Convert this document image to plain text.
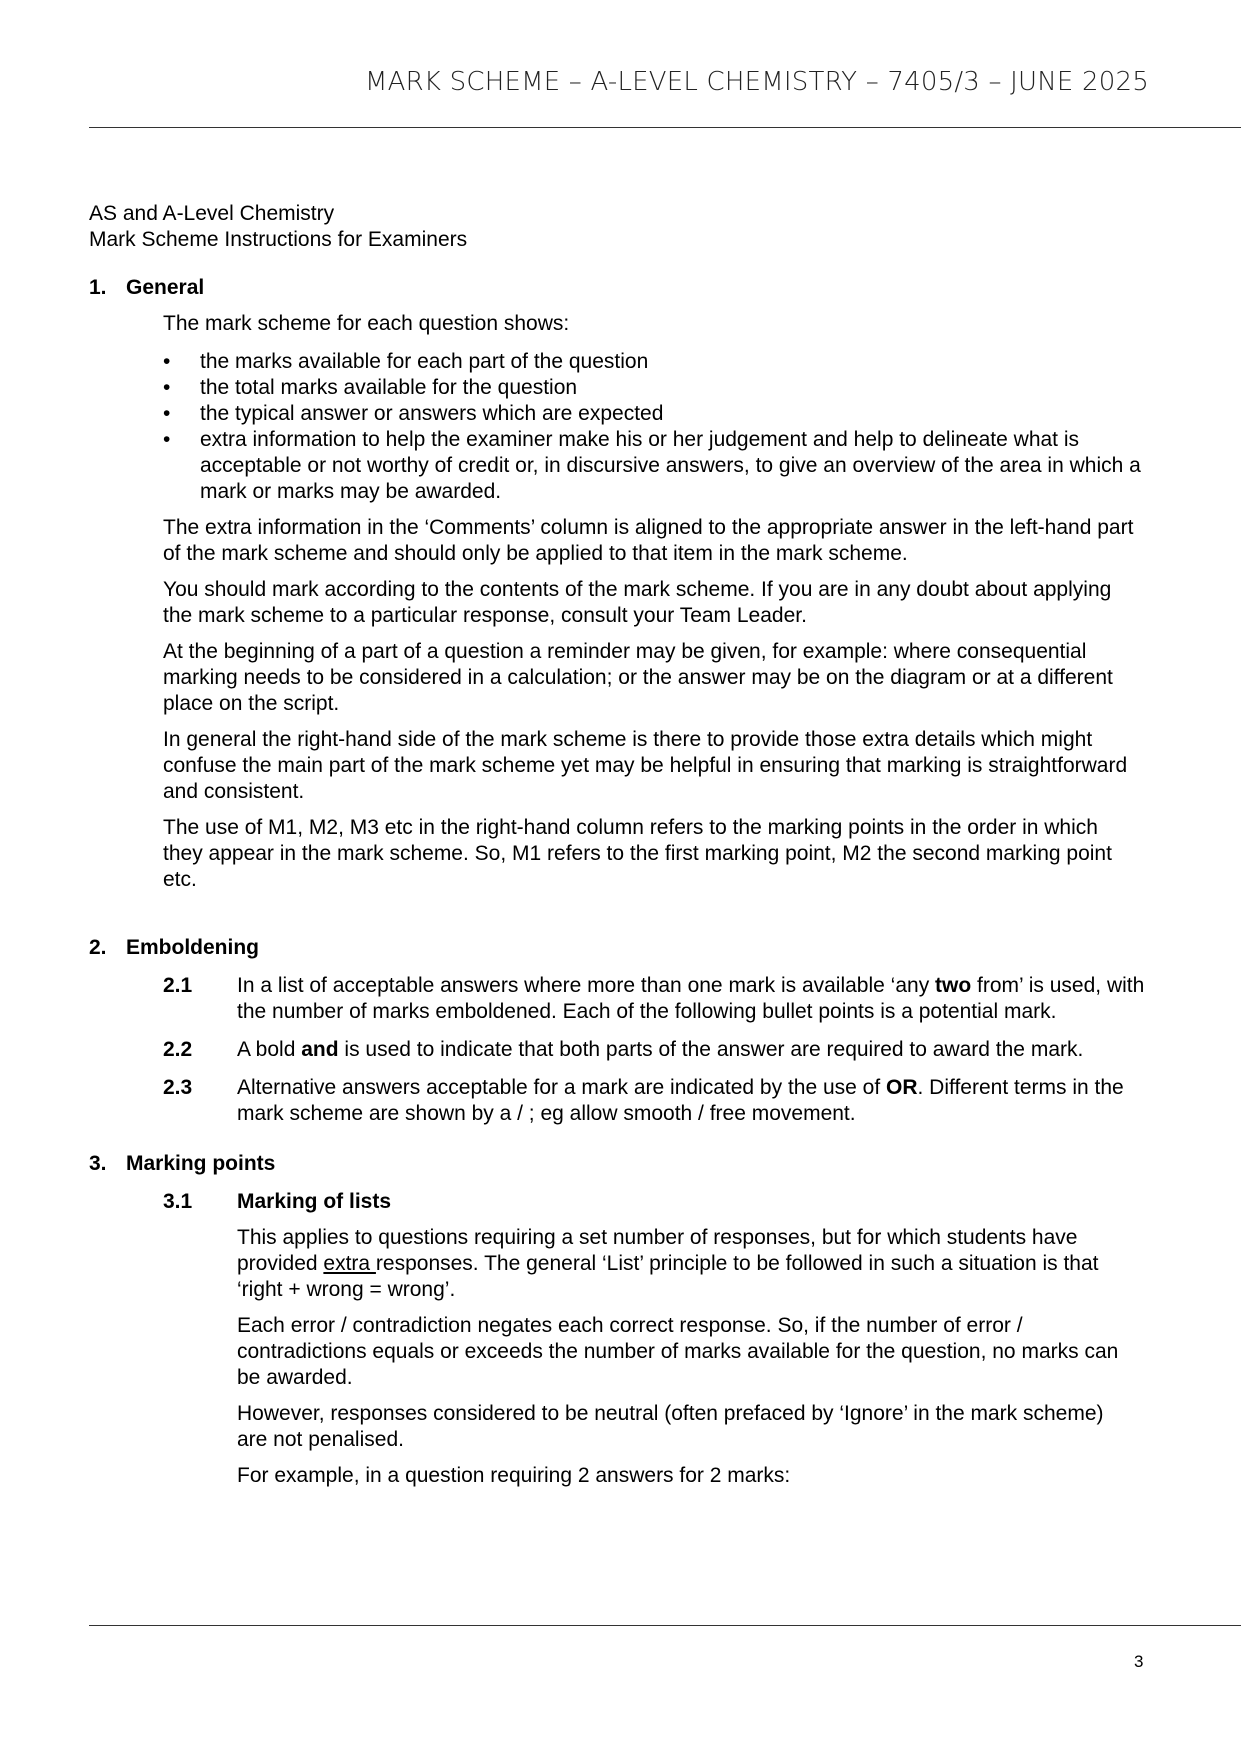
MARK SCHEME – A-LEVEL CHEMISTRY – 7405/3 – JUNE 2025
AS and A-Level Chemistry
Mark Scheme Instructions for Examiners
1. General

The mark scheme for each question shows:

• the marks available for each part of the question
• the total marks available for the question
• the typical answer or answers which are expected
• extra information to help the examiner make his or her judgement and help to delineate what is acceptable or not worthy of credit or, in discursive answers, to give an overview of the area in which a mark or marks may be awarded.

The extra information in the ‘Comments’ column is aligned to the appropriate answer in the left-hand part of the mark scheme and should only be applied to that item in the mark scheme.

You should mark according to the contents of the mark scheme. If you are in any doubt about applying the mark scheme to a particular response, consult your Team Leader.

At the beginning of a part of a question a reminder may be given, for example: where consequential marking needs to be considered in a calculation; or the answer may be on the diagram or at a different place on the script.

In general the right-hand side of the mark scheme is there to provide those extra details which might confuse the main part of the mark scheme yet may be helpful in ensuring that marking is straightforward and consistent.

The use of M1, M2, M3 etc in the right-hand column refers to the marking points in the order in which they appear in the mark scheme. So, M1 refers to the first marking point, M2 the second marking point etc.

2. Emboldening
2.1	In a list of acceptable answers where more than one mark is available ‘any two from’ is used, with the number of marks emboldened. Each of the following bullet points is a potential mark.

2.2	A bold and is used to indicate that both parts of the answer are required to award the mark.

2.3	Alternative answers acceptable for a mark are indicated by the use of OR. Different terms in the mark scheme are shown by a / ; eg allow smooth / free movement.

3. Marking points
3.1	Marking of lists

This applies to questions requiring a set number of responses, but for which students have provided extra responses. The general ‘List’ principle to be followed in such a situation is that ‘right + wrong = wrong’.

Each error / contradiction negates each correct response. So, if the number of error / contradictions equals or exceeds the number of marks available for the question, no marks can be awarded.

However, responses considered to be neutral (often prefaced by ‘Ignore’ in the mark scheme) are not penalised.

For example, in a question requiring 2 answers for 2 marks:

3
